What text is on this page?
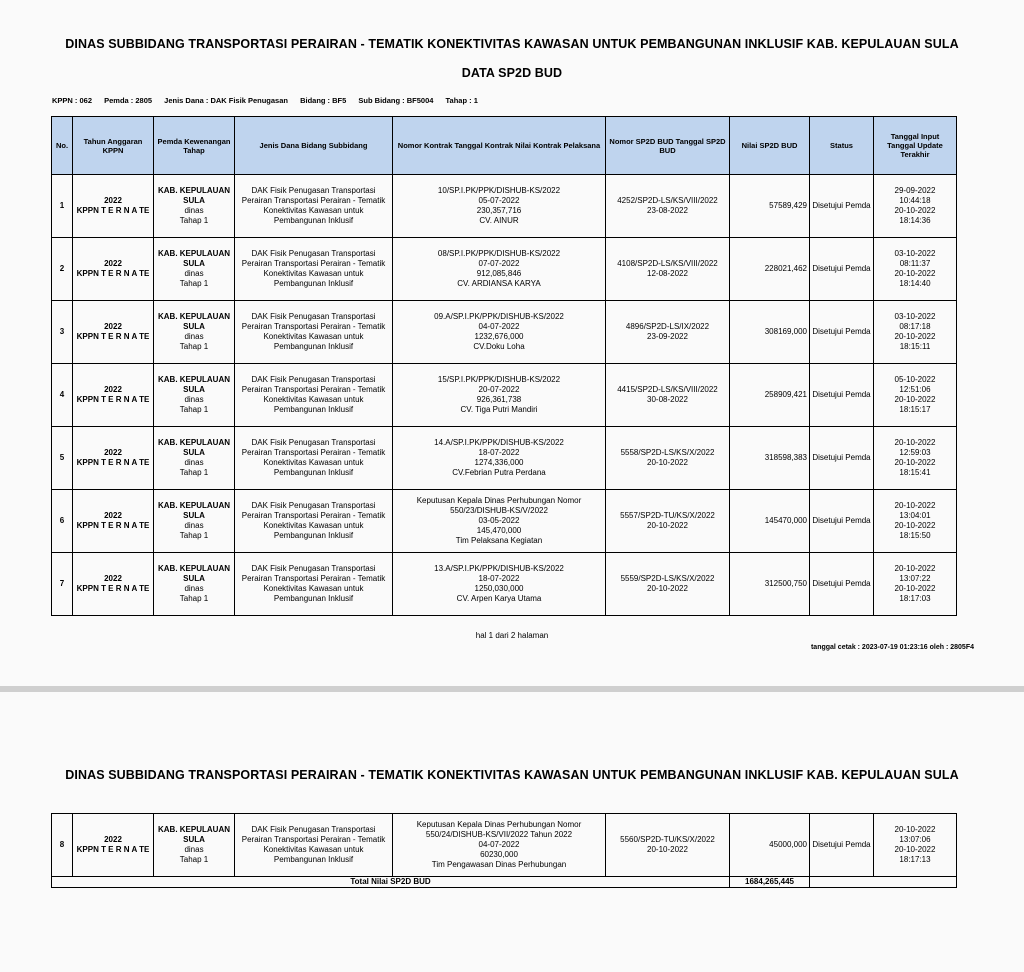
DINAS SUBBIDANG TRANSPORTASI PERAIRAN - TEMATIK KONEKTIVITAS KAWASAN UNTUK PEMBANGUNAN INKLUSIF KAB. KEPULAUAN SULA
DATA SP2D BUD
KPPN : 062 Pemda : 2805 Jenis Dana : DAK Fisik Penugasan Bidang : BF5 Sub Bidang : BF5004 Tahap : 1
No.	Tahun Anggaran KPPN	Pemda Kewenangan Tahap	Jenis Dana Bidang Subbidang	Nomor Kontrak Tanggal Kontrak Nilai Kontrak Pelaksana	Nomor SP2D BUD Tanggal SP2D BUD	Nilai SP2D BUD	Status	Tanggal Input Tanggal Update Terakhir
1	2022
KPPN T E R N A TE	KAB. KEPULAUAN SULA
dinas
Tahap 1	DAK Fisik Penugasan Transportasi Perairan Transportasi Perairan - Tematik Konektivitas Kawasan untuk Pembangunan Inklusif	10/SP.I.PK/PPK/DISHUB-KS/2022
05-07-2022
230,357,716
CV. AINUR	4252/SP2D-LS/KS/VIII/2022
23-08-2022	57589,429	Disetujui Pemda	29-09-2022
10:44:18
20-10-2022
18:14:36
2	2022
KPPN T E R N A TE	KAB. KEPULAUAN SULA
dinas
Tahap 1	DAK Fisik Penugasan Transportasi Perairan Transportasi Perairan - Tematik Konektivitas Kawasan untuk Pembangunan Inklusif	08/SP.I.PK/PPK/DISHUB-KS/2022
07-07-2022
912,085,846
CV. ARDIANSA KARYA	4108/SP2D-LS/KS/VIII/2022
12-08-2022	228021,462	Disetujui Pemda	03-10-2022
08:11:37
20-10-2022
18:14:40
3	2022
KPPN T E R N A TE	KAB. KEPULAUAN SULA
dinas
Tahap 1	DAK Fisik Penugasan Transportasi Perairan Transportasi Perairan - Tematik Konektivitas Kawasan untuk Pembangunan Inklusif	09.A/SP.I.PK/PPK/DISHUB-KS/2022
04-07-2022
1232,676,000
CV.Doku Loha	4896/SP2D-LS/IX/2022
23-09-2022	308169,000	Disetujui Pemda	03-10-2022
08:17:18
20-10-2022
18:15:11
4	2022
KPPN T E R N A TE	KAB. KEPULAUAN SULA
dinas
Tahap 1	DAK Fisik Penugasan Transportasi Perairan Transportasi Perairan - Tematik Konektivitas Kawasan untuk Pembangunan Inklusif	15/SP.I.PK/PPK/DISHUB-KS/2022
20-07-2022
926,361,738
CV. Tiga Putri Mandiri	4415/SP2D-LS/KS/VIII/2022
30-08-2022	258909,421	Disetujui Pemda	05-10-2022
12:51:06
20-10-2022
18:15:17
5	2022
KPPN T E R N A TE	KAB. KEPULAUAN SULA
dinas
Tahap 1	DAK Fisik Penugasan Transportasi Perairan Transportasi Perairan - Tematik Konektivitas Kawasan untuk Pembangunan Inklusif	14.A/SP.I.PK/PPK/DISHUB-KS/2022
18-07-2022
1274,336,000
CV.Febrian Putra Perdana	5558/SP2D-LS/KS/X/2022
20-10-2022	318598,383	Disetujui Pemda	20-10-2022
12:59:03
20-10-2022
18:15:41
6	2022
KPPN T E R N A TE	KAB. KEPULAUAN SULA
dinas
Tahap 1	DAK Fisik Penugasan Transportasi Perairan Transportasi Perairan - Tematik Konektivitas Kawasan untuk Pembangunan Inklusif	Keputusan Kepala Dinas Perhubungan Nomor 550/23/DISHUB-KS/V/2022
03-05-2022
145,470,000
Tim Pelaksana Kegiatan	5557/SP2D-TU/KS/X/2022
20-10-2022	145470,000	Disetujui Pemda	20-10-2022
13:04:01
20-10-2022
18:15:50
7	2022
KPPN T E R N A TE	KAB. KEPULAUAN SULA
dinas
Tahap 1	DAK Fisik Penugasan Transportasi Perairan Transportasi Perairan - Tematik Konektivitas Kawasan untuk Pembangunan Inklusif	13.A/SP.I.PK/PPK/DISHUB-KS/2022
18-07-2022
1250,030,000
CV. Arpen Karya Utama	5559/SP2D-LS/KS/X/2022
20-10-2022	312500,750	Disetujui Pemda	20-10-2022
13:07:22
20-10-2022
18:17:03
hal 1 dari 2 halaman
tanggal cetak : 2023-07-19 01:23:16 oleh : 2805F4
DINAS SUBBIDANG TRANSPORTASI PERAIRAN - TEMATIK KONEKTIVITAS KAWASAN UNTUK PEMBANGUNAN INKLUSIF KAB. KEPULAUAN SULA
8	2022
KPPN T E R N A TE	KAB. KEPULAUAN SULA
dinas
Tahap 1	DAK Fisik Penugasan Transportasi Perairan Transportasi Perairan - Tematik Konektivitas Kawasan untuk Pembangunan Inklusif	Keputusan Kepala Dinas Perhubungan Nomor 550/24/DISHUB-KS/VII/2022 Tahun 2022
04-07-2022
60230,000
Tim Pengawasan Dinas Perhubungan	5560/SP2D-TU/KS/X/2022
20-10-2022	45000,000	Disetujui Pemda	20-10-2022
13:07:06
20-10-2022
18:17:13
Total Nilai SP2D BUD						1684,265,445		
